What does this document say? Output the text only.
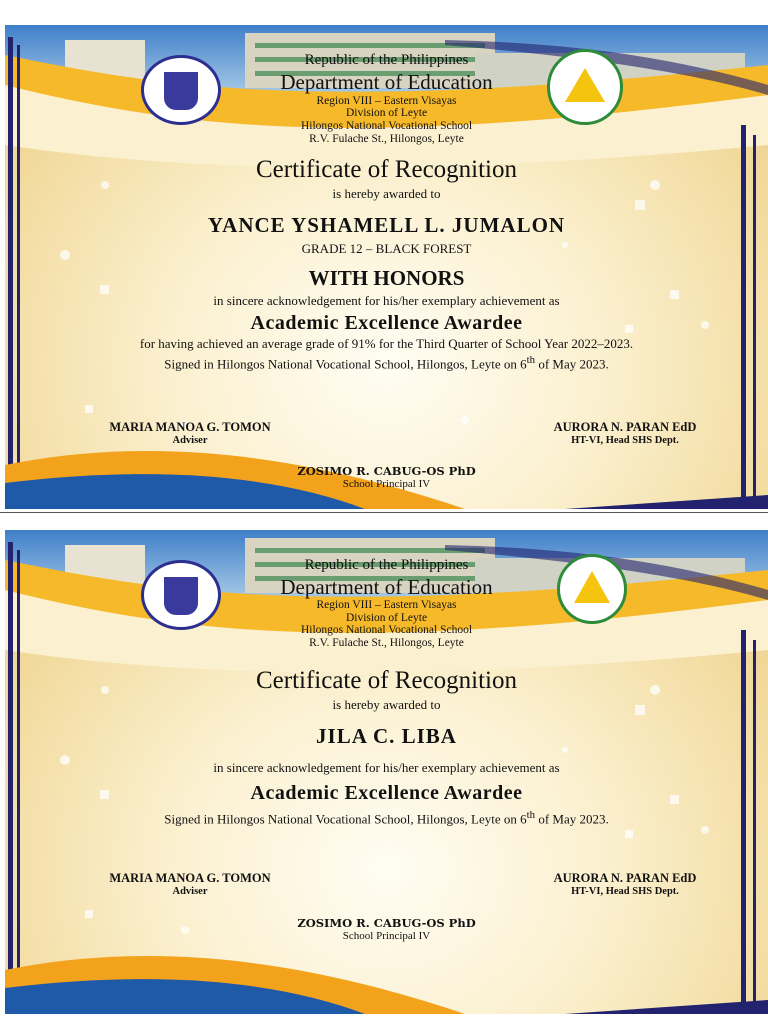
Republic of the Philippines
Department of Education
Region VIII – Eastern Visayas
Division of Leyte
Hilongos National Vocational School
R.V. Fulache St., Hilongos, Leyte
Certificate of Recognition
is hereby awarded to
YANCE YSHAMELL L. JUMALON
GRADE 12 – BLACK FOREST
WITH HONORS
in sincere acknowledgement for his/her exemplary achievement as
Academic Excellence Awardee
for having achieved an average grade of 91% for the Third Quarter of School Year 2022–2023.
Signed in Hilongos National Vocational School, Hilongos, Leyte on 6th of May 2023.
MARIA MANOA G. TOMON
Adviser
AURORA N. PARAN EdD
HT-VI, Head SHS Dept.
ZOSIMO R. CABUG-OS PhD
School Principal IV
Republic of the Philippines
Department of Education
Region VIII – Eastern Visayas
Division of Leyte
Hilongos National Vocational School
R.V. Fulache St., Hilongos, Leyte
Certificate of Recognition
is hereby awarded to
JILA C. LIBA
in sincere acknowledgement for his/her exemplary achievement as
Academic Excellence Awardee
Signed in Hilongos National Vocational School, Hilongos, Leyte on 6th of May 2023.
MARIA MANOA G. TOMON
Adviser
AURORA N. PARAN EdD
HT-VI, Head SHS Dept.
ZOSIMO R. CABUG-OS PhD
School Principal IV
